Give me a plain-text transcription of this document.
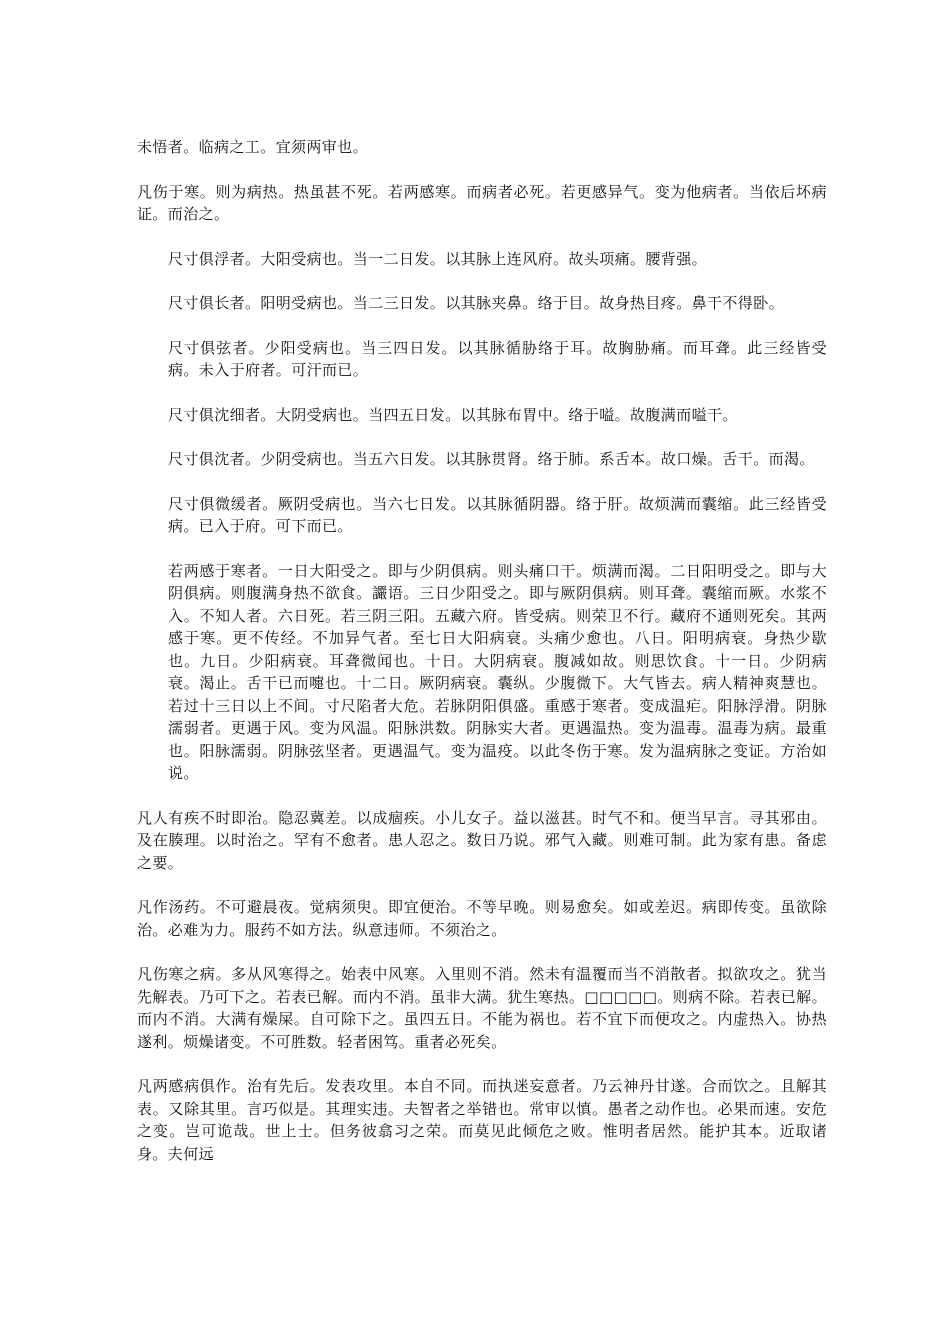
未悟者。临病之工。宜须两审也。

凡伤于寒。则为病热。热虽甚不死。若两感寒。而病者必死。若更感异气。变为他病者。当依后坏病证。而治之。

尺寸俱浮者。大阳受病也。当一二日发。以其脉上连风府。故头项痛。腰背强。

尺寸俱长者。阳明受病也。当二三日发。以其脉夹鼻。络于目。故身热目疼。鼻干不得卧。

尺寸俱弦者。少阳受病也。当三四日发。以其脉循胁络于耳。故胸胁痛。而耳聋。此三经皆受病。未入于府者。可汗而已。

尺寸俱沈细者。大阴受病也。当四五日发。以其脉布胃中。络于嗌。故腹满而嗌干。

尺寸俱沈者。少阴受病也。当五六日发。以其脉贯肾。络于肺。系舌本。故口燥。舌干。而渴。

尺寸俱微缓者。厥阴受病也。当六七日发。以其脉循阴器。络于肝。故烦满而囊缩。此三经皆受病。已入于府。可下而已。

若两感于寒者。一日大阳受之。即与少阴俱病。则头痛口干。烦满而渴。二日阳明受之。即与大阴俱病。则腹满身热不欲食。讝语。三日少阳受之。即与厥阴俱病。则耳聋。囊缩而厥。水浆不入。不知人者。六日死。若三阴三阳。五藏六府。皆受病。则荣卫不行。藏府不通则死矣。其两感于寒。更不传经。不加异气者。至七日大阳病衰。头痛少愈也。八日。阳明病衰。身热少歇也。九日。少阳病衰。耳聋微闻也。十日。大阴病衰。腹减如故。则思饮食。十一日。少阴病衰。渴止。舌干已而嚏也。十二日。厥阴病衰。囊纵。少腹微下。大气皆去。病人精神爽慧也。若过十三日以上不间。寸尺陷者大危。若脉阴阳俱盛。重感于寒者。变成温疟。阳脉浮滑。阴脉濡弱者。更遇于风。变为风温。阳脉洪数。阴脉实大者。更遇温热。变为温毒。温毒为病。最重也。阳脉濡弱。阴脉弦坚者。更遇温气。变为温疫。以此冬伤于寒。发为温病脉之变证。方治如说。

凡人有疾不时即治。隐忍冀差。以成痼疾。小儿女子。益以滋甚。时气不和。便当早言。寻其邪由。及在腠理。以时治之。罕有不愈者。患人忍之。数日乃说。邪气入藏。则难可制。此为家有患。备虑之要。

凡作汤药。不可避晨夜。觉病须臾。即宜便治。不等早晚。则易愈矣。如或差迟。病即传变。虽欲除治。必难为力。服药不如方法。纵意违师。不须治之。

凡伤寒之病。多从风寒得之。始表中风寒。入里则不消。然未有温覆而当不消散者。拟欲攻之。犹当先解表。乃可下之。若表已解。而内不消。虽非大满。犹生寒热。□□□□□。则病不除。若表已解。而内不消。大满有燥屎。自可除下之。虽四五日。不能为祸也。若不宜下而便攻之。内虚热入。协热遂利。烦燥诸变。不可胜数。轻者困笃。重者必死矣。

凡两感病俱作。治有先后。发表攻里。本自不同。而执迷妄意者。乃云神丹甘遂。合而饮之。且解其表。又除其里。言巧似是。其理实违。夫智者之举错也。常审以慎。愚者之动作也。必果而速。安危之变。岂可诡哉。世上士。但务彼翕习之荣。而莫见此倾危之败。惟明者居然。能护其本。近取诸身。夫何远
